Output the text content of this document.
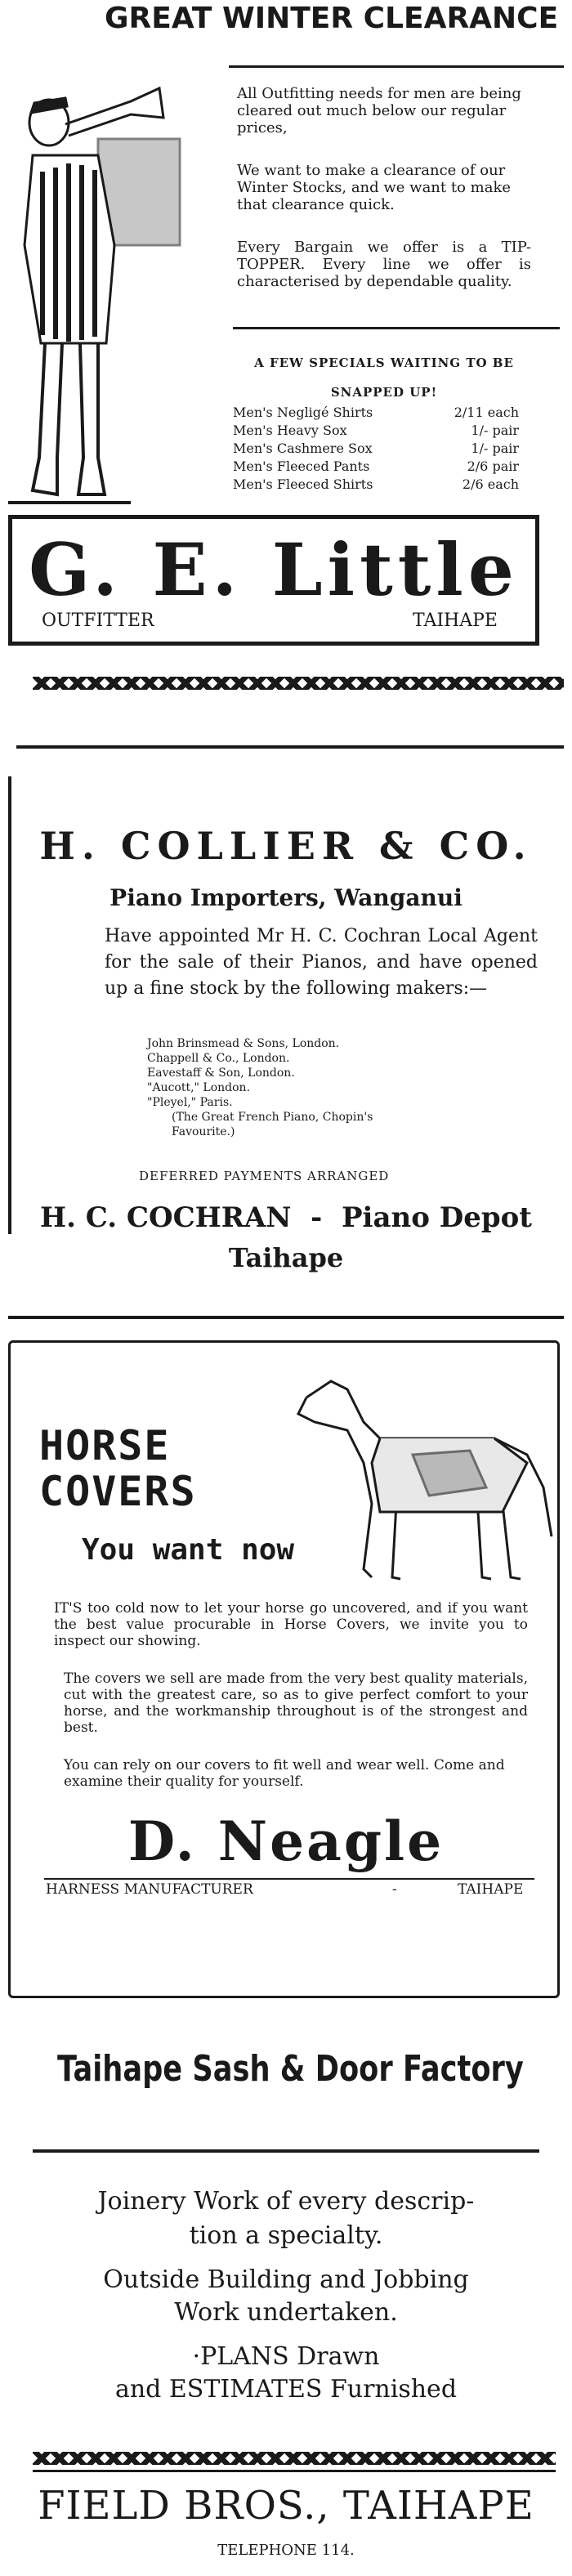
GREAT WINTER CLEARANCE
All Outfitting needs for men are being cleared out much below our regular prices,
We want to make a clearance of our Winter Stocks, and we want to make that clearance quick.
Every Bargain we offer is a TIP-TOPPER. Every line we offer is characterised by dependable quality.
A FEW SPECIALS WAITING TO BE SNAPPED UP!
Men's Negligé Shirts	2/11 each
Men's Heavy Sox	1/- pair
Men's Cashmere Sox	1/- pair
Men's Fleeced Pants	2/6 pair
Men's Fleeced Shirts	2/6 each
G. E. Little
OUTFITTER	TAIHAPE
H. COLLIER & CO.
Piano Importers, Wanganui
Have appointed Mr H. C. Cochran Local Agent for the sale of their Pianos, and have opened up a fine stock by the following makers:—
John Brinsmead & Sons, London.
Chappell & Co., London.
Eavestaff & Son, London.
"Aucott," London.
"Pleyel," Paris.
(The Great French Piano, Chopin's Favourite.)
DEFERRED PAYMENTS ARRANGED
H. C. COCHRAN  -  Piano Depot
Taihape
HORSE
COVERS
You want now
IT'S too cold now to let your horse go uncovered, and if you want the best value procurable in Horse Covers, we invite you to inspect our showing.
The covers we sell are made from the very best quality materials, cut with the greatest care, so as to give perfect comfort to your horse, and the workmanship throughout is of the strongest and best.
You can rely on our covers to fit well and wear well. Come and examine their quality for yourself.
D. Neagle
HARNESS MANUFACTURER	-	TAIHAPE
Taihape Sash & Door Factory
Joinery Work of every descrip-
tion a specialty.
Outside Building and Jobbing
Work undertaken.
·PLANS Drawn
and ESTIMATES Furnished
FIELD BROS., TAIHAPE
TELEPHONE 114.
